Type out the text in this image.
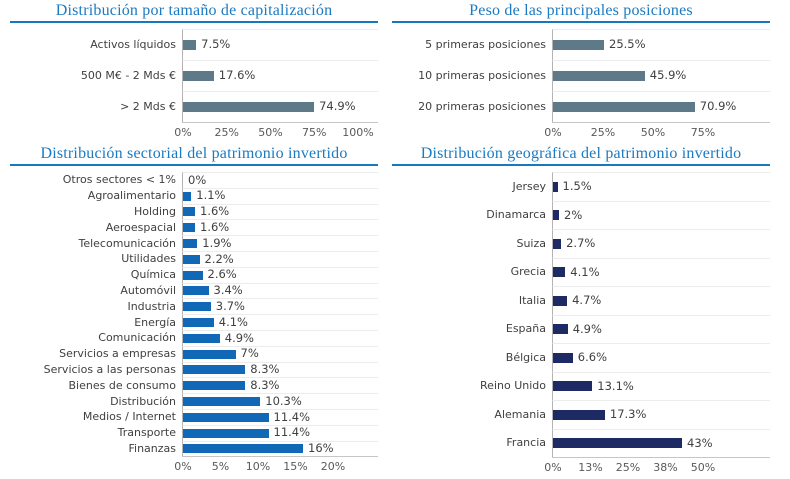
Distribución por tamaño de capitalización
Activos líquidos	7.5%
500 M€ - 2 Mds €	17.6%
> 2 Mds €	74.9%
0% 25% 50% 75% 100%
Peso de las principales posiciones
5 primeras posiciones	25.5%
10 primeras posiciones	45.9%
20 primeras posiciones	70.9%
0%	25% 50% 75%
Distribución sectorial del patrimonio invertido
Otros sectores < 1%	0%
Agroalimentario	1.1%
Holding	1.6%
Aeroespacial	1.6%
Telecomunicación	1.9%
Utilidades	2.2%
Química	2.6%
Automóvil	3.4%
Industria	3.7%
Energía	4.1%
Comunicación	4.9%
Servicios a empresas	7%
Servicios a las personas	8.3%
Bienes de consumo	8.3%
Distribución	10.3%
Medios / Internet	11.4%
Transporte	11.4%
Finanzas	16%
0% 5% 10% 15% 20%
Distribución geográfica del patrimonio invertido
Jersey	1.5%
Dinamarca	2%
Suiza	2.7%
Grecia	4.1%
Italia	4.7%
España	4.9%
Bélgica	6.6%
Reino Unido	13.1%
Alemania	17.3%
Francia	43%
0% 13% 25% 38% 50%
